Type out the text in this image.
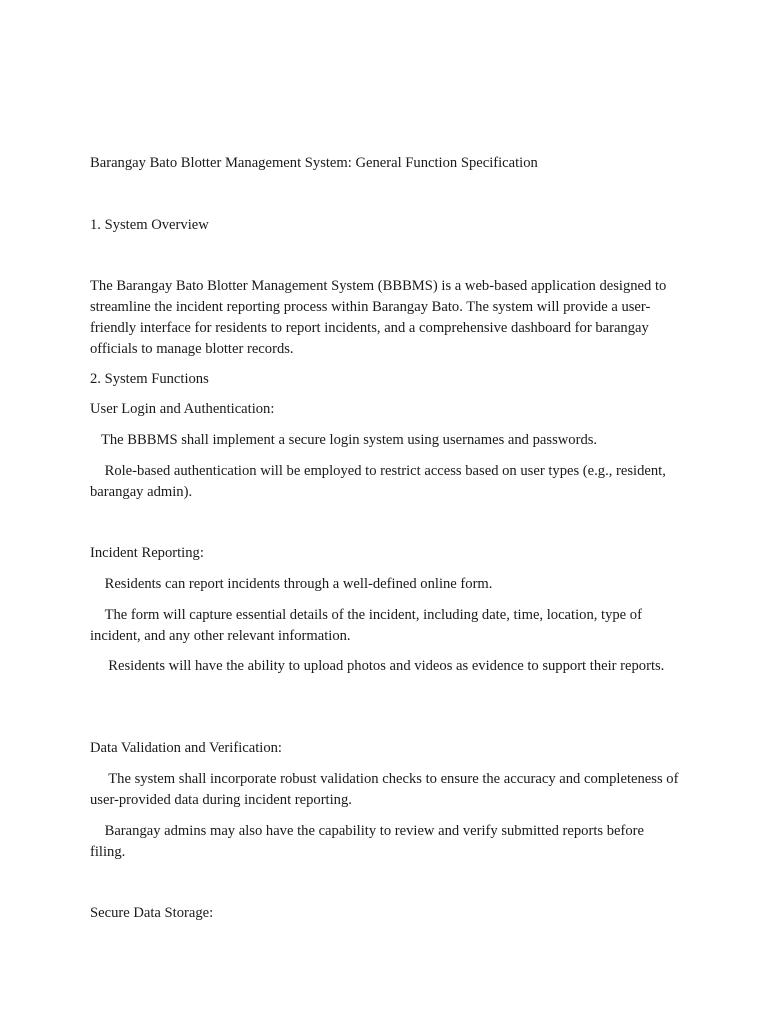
Barangay Bato Blotter Management System: General Function Specification

1. System Overview

The Barangay Bato Blotter Management System (BBBMS) is a web-based application designed to streamline the incident reporting process within Barangay Bato. The system will provide a user-friendly interface for residents to report incidents, and a comprehensive dashboard for barangay officials to manage blotter records.

2. System Functions

User Login and Authentication:

The BBBMS shall implement a secure login system using usernames and passwords.

Role-based authentication will be employed to restrict access based on user types (e.g., resident, barangay admin).

Incident Reporting:

Residents can report incidents through a well-defined online form.

The form will capture essential details of the incident, including date, time, location, type of incident, and any other relevant information.

Residents will have the ability to upload photos and videos as evidence to support their reports.

Data Validation and Verification:

The system shall incorporate robust validation checks to ensure the accuracy and completeness of user-provided data during incident reporting.

Barangay admins may also have the capability to review and verify submitted reports before filing.

Secure Data Storage:
